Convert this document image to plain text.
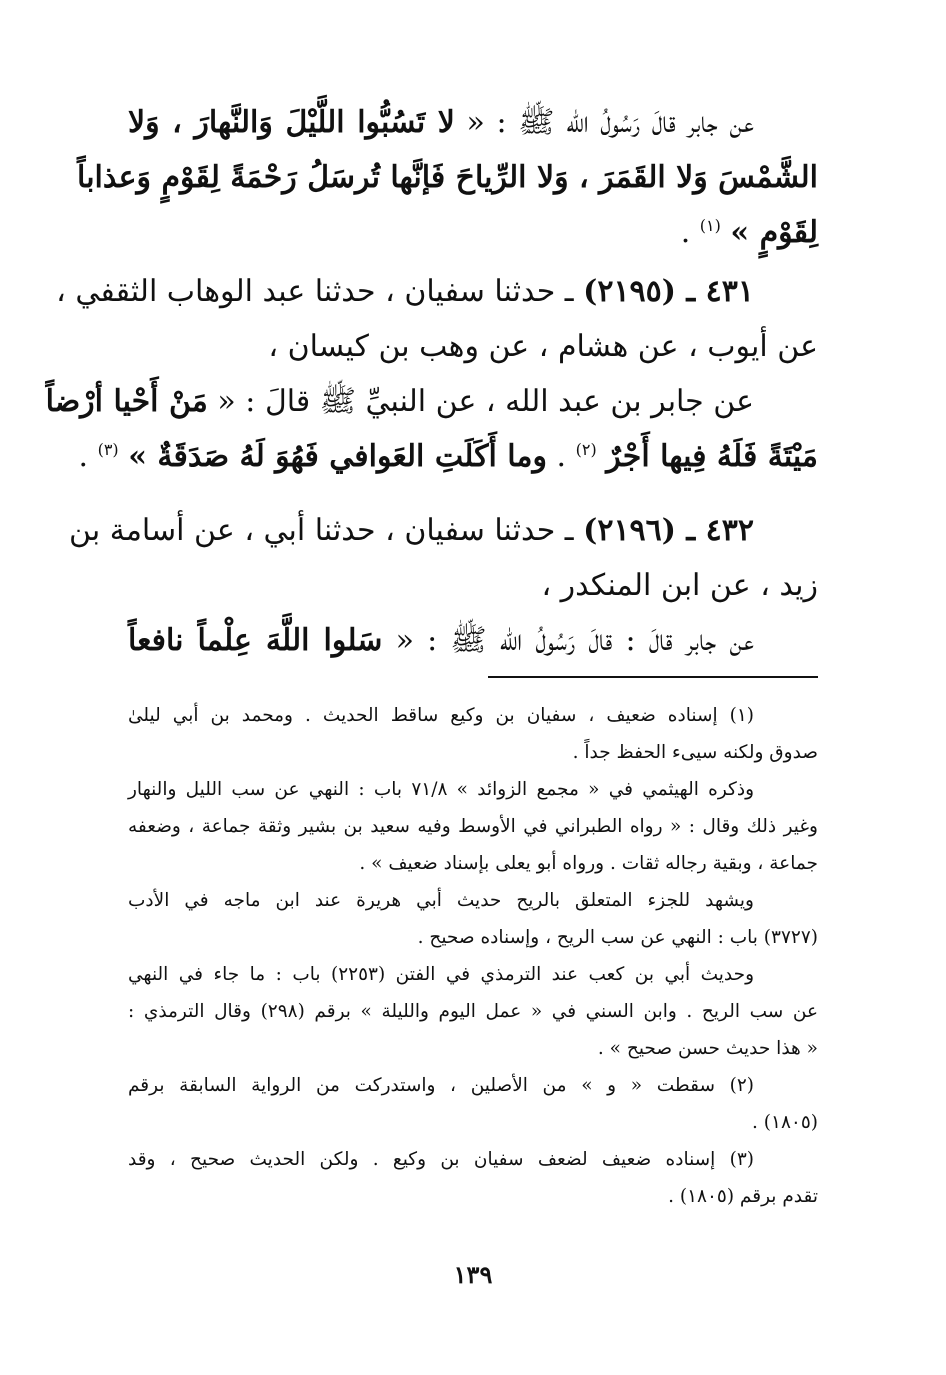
عن جابر قالَ رَسُولُ الله ﷺ : « لا تَسُبُّوا اللَّيْلَ وَالنَّهارَ ، وَلا
الشَّمْسَ وَلا القَمَرَ ، وَلا الرِّياحَ فَإنَّها تُرسَلُ رَحْمَةً لِقَوْمٍ وَعذاباً
لِقَوْمٍ » $^{(١)}$ .
٤٣١ ـ (٢١٩٥) ـ حدثنا سفيان ، حدثنا عبد الوهاب الثقفي ،
عن أيوب ، عن هشام ، عن وهب بن كيسان ،
عن جابر بن عبد الله ، عن النبيِّ ﷺ قالَ : « مَنْ أَحْيا أرْضاً
مَيْتَةً فَلَهُ فِيها أَجْرٌ $^{(٢)}$ . وما أَكَلَتِ العَوافي فَهُوَ لَهُ صَدَقَةٌ » $^{(٣)}$ .
٤٣٢ ـ (٢١٩٦) ـ حدثنا سفيان ، حدثنا أبي ، عن أسامة بن
زيد ، عن ابن المنكدر ،
عن جابر قالَ : قالَ رَسُولُ الله ﷺ : « سَلوا اللَّهَ عِلْماً نافعاً
(١) إسناده ضعيف ، سفيان بن وكيع ساقط الحديث . ومحمد بن أبي ليلىٰ
صدوق ولكنه سيىء الحفظ جداً .
وذكره الهيثمي في « مجمع الزوائد » ٧١/٨ باب : النهي عن سب الليل والنهار
وغير ذلك وقال : « رواه الطبراني في الأوسط وفيه سعيد بن بشير وثقة جماعة ، وضعفه
جماعة ، وبقية رجاله ثقات . ورواه أبو يعلى بإسناد ضعيف » .
ويشهد للجزء المتعلق بالريح حديث أبي هريرة عند ابن ماجه في الأدب
(٣٧٢٧) باب : النهي عن سب الريح ، وإسناده صحيح .
وحديث أبي بن كعب عند الترمذي في الفتن (٢٢٥٣) باب : ما جاء في النهي
عن سب الريح . وابن السني في « عمل اليوم والليلة » برقم (٢٩٨) وقال الترمذي :
« هذا حديث حسن صحيح » .
(٢) سقطت « و » من الأصلين ، واستدركت من الرواية السابقة برقم
(١٨٠٥) .
(٣) إسناده ضعيف لضعف سفيان بن وكيع . ولكن الحديث صحيح ، وقد
تقدم برقم (١٨٠٥) .
١٣٩
